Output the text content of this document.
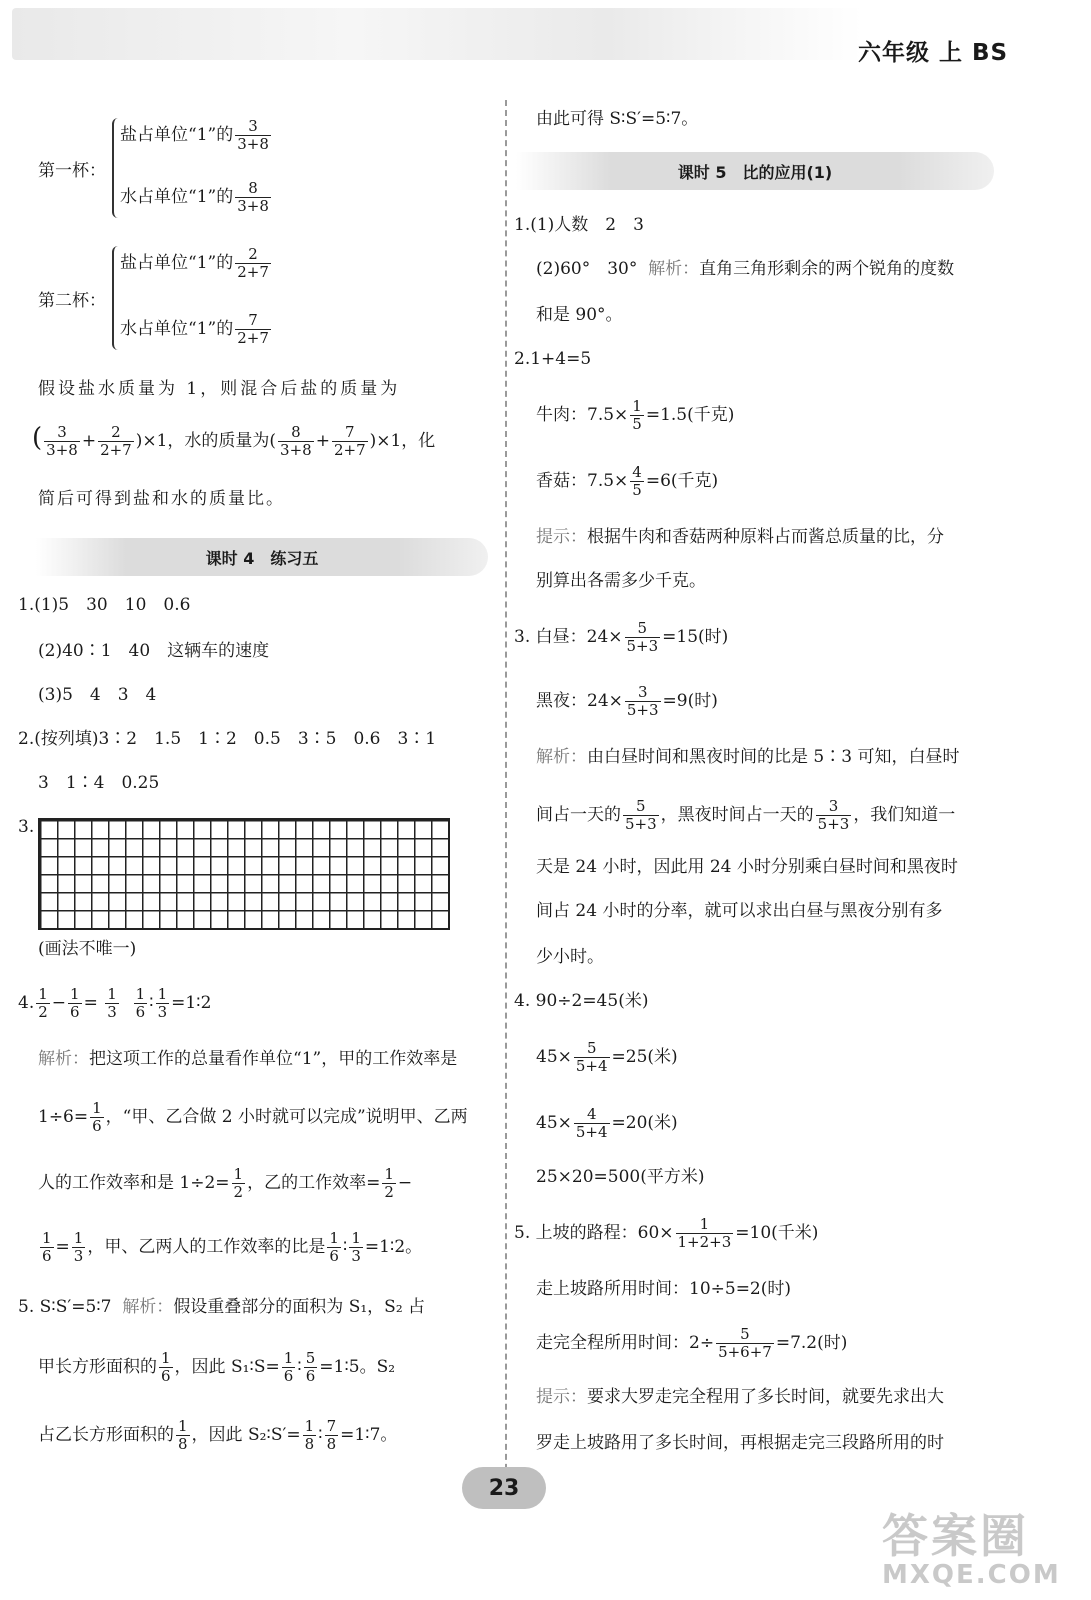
六年级 上 BS
第一杯：
盐占单位“1”的 $\frac{3}{3+8}$
水占单位“1”的 $\frac{8}{3+8}$
第二杯：
盐占单位“1”的 $\frac{2}{2+7}$
水占单位“1”的 $\frac{7}{2+7}$
假设盐水质量为 1，则混合后盐的质量为
( $\frac{3}{3+8} + \frac{2}{2+7} )\times 1$，水的质量为( $\frac{8}{3+8} + \frac{7}{2+7} )\times 1$，化
简后可得到盐和水的质量比。
课时 4　练习五
1.(1)5　30　10　0.6
(2)40∶1　40　这辆车的速度
(3)5　4　3　4
2.(按列填)3∶2　1.5　1∶2　0.5　3∶5　0.6　3∶1
3　1∶4　0.25
3.
(画法不唯一)
4. $\frac{1}{2} - \frac{1}{6} = \frac{1}{3}$
$\frac{1}{6}$ ∶ $\frac{1}{3}$ =1∶2
解析：把这项工作的总量看作单位“1”，甲的工作效率是
$1\div 6= \frac{1}{6}$ ，“甲、乙合做 2 小时就可以完成”说明甲、乙两
人的工作效率和是 $1\div 2= \frac{1}{2}$ ，乙的工作效率= $\frac{1}{2}$ −
$\frac{1}{6} = \frac{1}{3}$ ，甲、乙两人的工作效率的比是 $\frac{1}{6}$ ∶ $\frac{1}{3}$ =1∶2。
5. S∶S′=5∶7 解析：假设重叠部分的面积为 S₁，S₂ 占
甲长方形面积的 $\frac{1}{6}$ ，因此 S₁∶S= $\frac{1}{6}$ ∶ $\frac{5}{6}$ =1∶5。S₂
占乙长方形面积的 $\frac{1}{8}$ ，因此 S₂∶S′= $\frac{1}{8}$ ∶ $\frac{7}{8}$ =1∶7。
由此可得 S∶S′=5∶7。
课时 5　比的应用(1)
1.(1)人数　2　3
(2)60°　30° 解析：直角三角形剩余的两个锐角的度数
和是 90°。
2.1+4=5
牛肉：$7.5\times \frac{1}{5} =1.5$(千克)
香菇：$7.5\times \frac{4}{5} =6$(千克)
提示：根据牛肉和香菇两种原料占而酱总质量的比，分
别算出各需多少千克。
3. 白昼：$24\times \frac{5}{5+3} =15$(时)
黑夜：$24\times \frac{3}{5+3} =9$(时)
解析：由白昼时间和黑夜时间的比是 5∶3 可知，白昼时
间占一天的 $\frac{5}{5+3}$ ，黑夜时间占一天的 $\frac{3}{5+3}$ ，我们知道一
天是 24 小时，因此用 24 小时分别乘白昼时间和黑夜时
间占 24 小时的分率，就可以求出白昼与黑夜分别有多
少小时。
4. 90÷2=45(米)
$45\times \frac{5}{5+4} =25$(米)
$45\times \frac{4}{5+4} =20$(米)
25×20=500(平方米)
5. 上坡的路程：$60\times \frac{1}{1+2+3} =10$(千米)
走上坡路所用时间：10÷5=2(时)
走完全程所用时间：$2\div \frac{5}{5+6+7} =7.2$(时)
提示：要求大罗走完全程用了多长时间，就要先求出大
罗走上坡路用了多长时间，再根据走完三段路所用的时
23
答案圈
MXQE.COM
